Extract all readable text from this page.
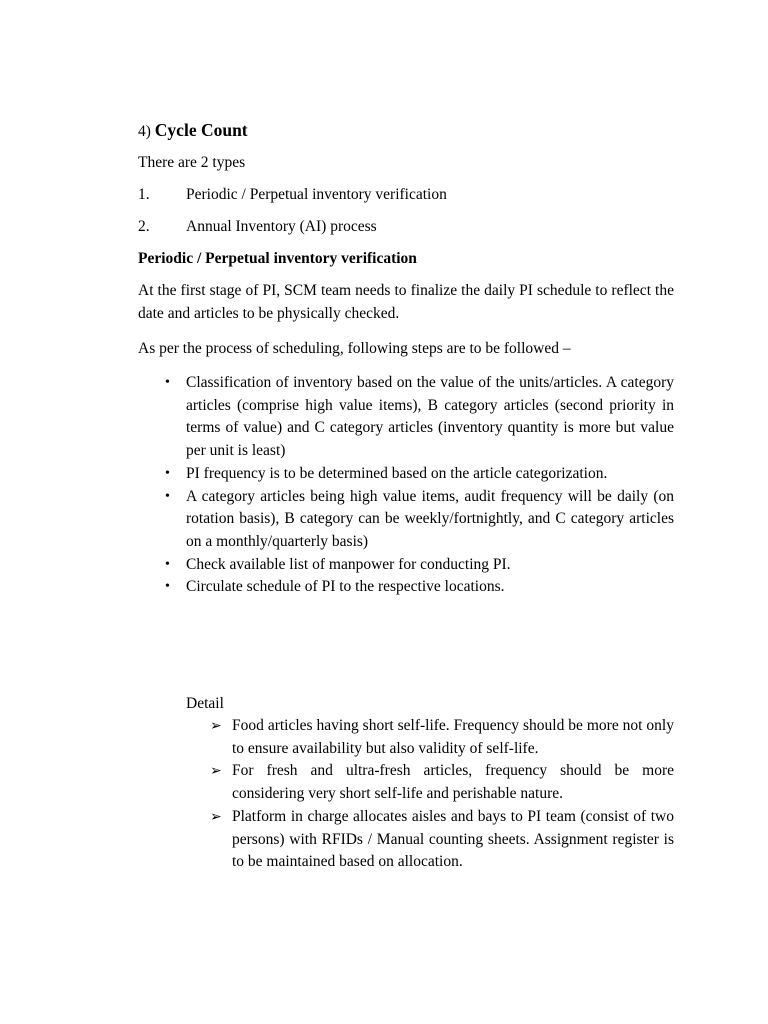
4) Cycle Count
There are 2 types
1. Periodic / Perpetual inventory verification
2. Annual Inventory (AI) process
Periodic / Perpetual inventory verification
At the first stage of PI, SCM team needs to finalize the daily PI schedule to reflect the date and articles to be physically checked.
As per the process of scheduling, following steps are to be followed –
• Classification of inventory based on the value of the units/articles. A category articles (comprise high value items), B category articles (second priority in terms of value) and C category articles (inventory quantity is more but value per unit is least)
• PI frequency is to be determined based on the article categorization.
• A category articles being high value items, audit frequency will be daily (on rotation basis), B category can be weekly/fortnightly, and C category articles on a monthly/quarterly basis)
• Check available list of manpower for conducting PI.
• Circulate schedule of PI to the respective locations.
Detail
➢ Food articles having short self-life. Frequency should be more not only to ensure availability but also validity of self-life.
➢ For fresh and ultra-fresh articles, frequency should be more considering very short self-life and perishable nature.
➢ Platform in charge allocates aisles and bays to PI team (consist of two persons) with RFIDs / Manual counting sheets. Assignment register is to be maintained based on allocation.
